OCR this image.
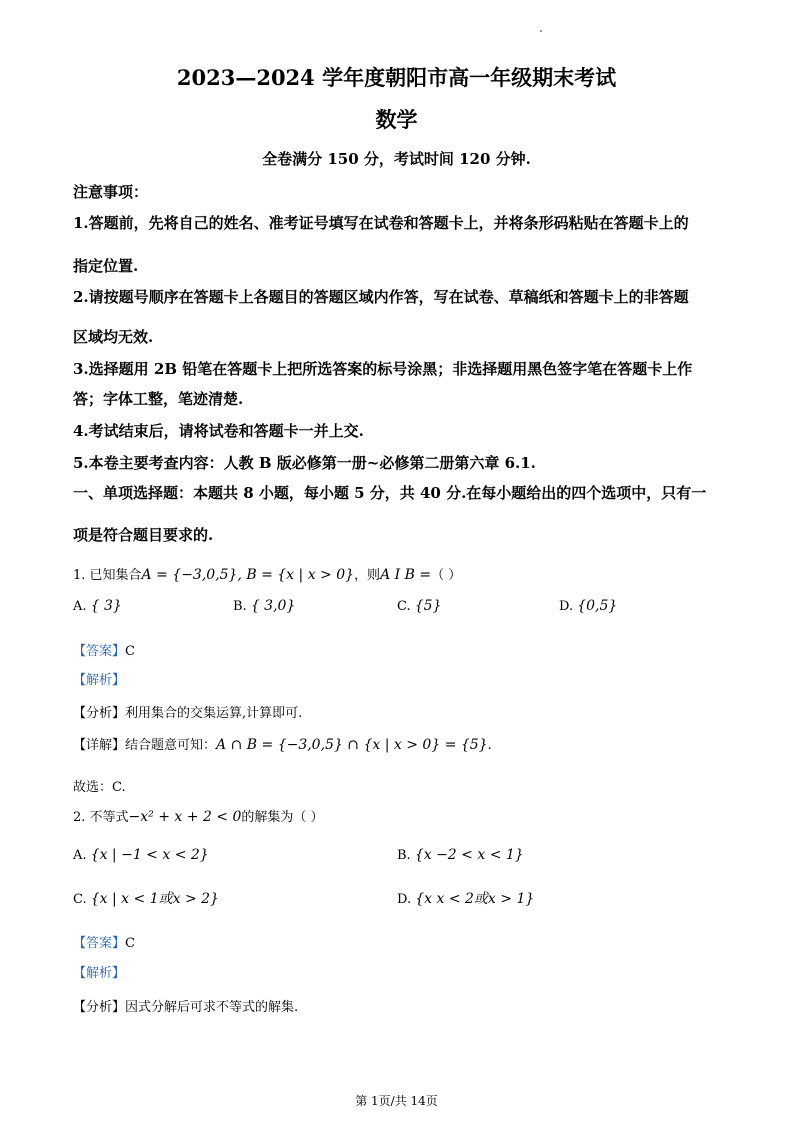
2023—2024 学年度朝阳市高一年级期末考试
数学
全卷满分 150 分，考试时间 120 分钟.
注意事项：
1.答题前，先将自己的姓名、准考证号填写在试卷和答题卡上，并将条形码粘贴在答题卡上的
指定位置.
2.请按题号顺序在答题卡上各题目的答题区域内作答，写在试卷、草稿纸和答题卡上的非答题
区域均无效.
3.选择题用 2B 铅笔在答题卡上把所选答案的标号涂黑；非选择题用黑色签字笔在答题卡上作
答；字体工整，笔迹清楚.
4.考试结束后，请将试卷和答题卡一并上交.
5.本卷主要考查内容：人教 B 版必修第一册~必修第二册第六章 6.1.
一、单项选择题：本题共 8 小题，每小题 5 分，共 40 分.在每小题给出的四个选项中，只有一
项是符合题目要求的.
1. 已知集合A = {−3,0,5}, B = {x | x > 0}，则A I B =（ ）
A. { 3}	B. { 3,0}	C. {5}	D. {0,5}
【答案】C
【解析】
【分析】利用集合的交集运算,计算即可.
【详解】结合题意可知：A ∩ B = {−3,0,5} ∩ {x | x > 0} = {5}.
故选：C.
2. 不等式−x² + x + 2 < 0的解集为（ ）
A. {x | −1 < x < 2}	B. {x −2 < x < 1}
C. {x | x < 1或x > 2}	D. {x x < 2或x > 1}
【答案】C
【解析】
【分析】因式分解后可求不等式的解集.
第 1页/共 14页
